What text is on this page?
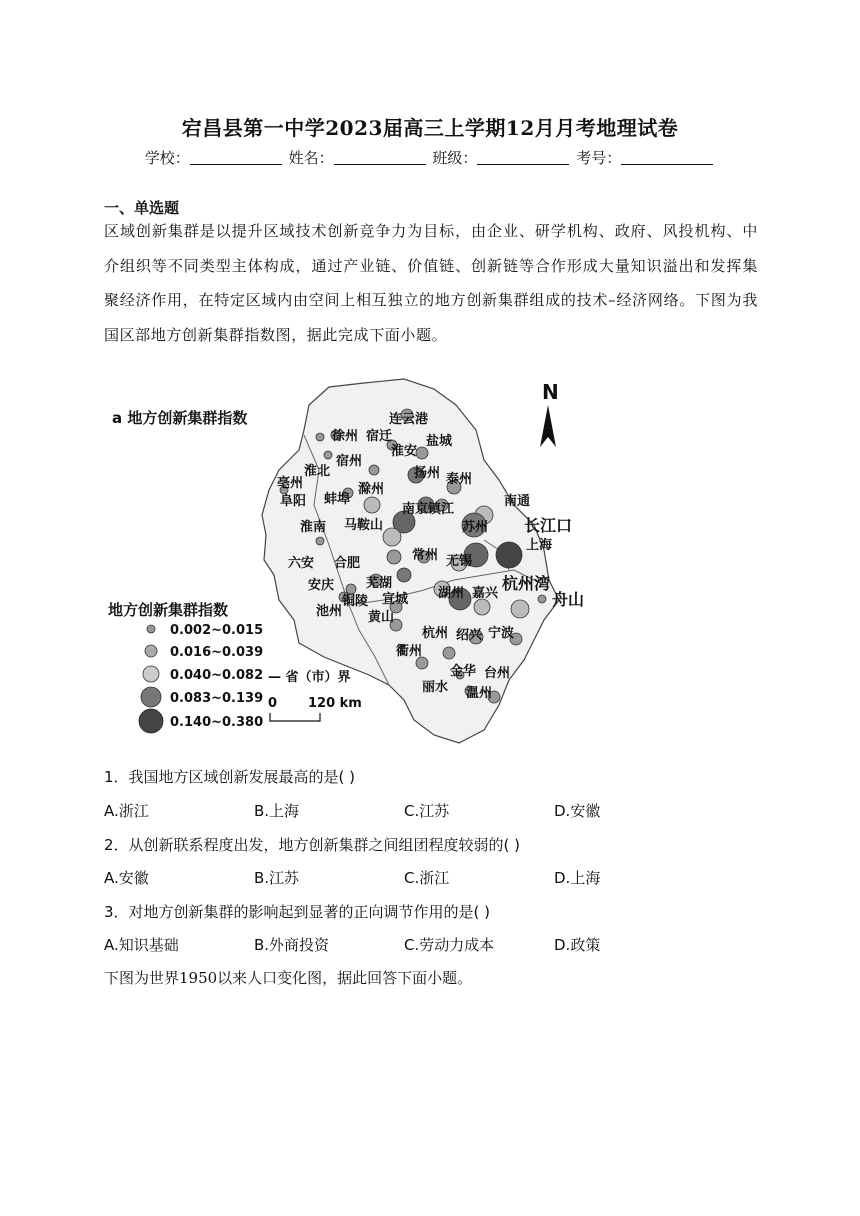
宕昌县第一中学2023届高三上学期12月月考地理试卷
学校：	姓名：	班级：	考号：
一、单选题
区域创新集群是以提升区域技术创新竞争力为目标，由企业、研学机构、政府、风投机构、中介组织等不同类型主体构成，通过产业链、价值链、创新链等合作形成大量知识溢出和发挥集聚经济作用，在特定区域内由空间上相互独立的地方创新集群组成的技术–经济网络。下图为我国区部地方创新集群指数图，据此完成下面小题。
N
a 地方创新集群指数	连云港
徐州 宿迁	盐城
淮安
宿州
淮北	扬州 泰州
亳州
阜阳 蚌埠
滁州
南通
南京 镇江
淮南 马鞍山	苏州 长江口
上海
六安 合肥
常州 无锡
杭州湾
安庆 芜湖
铜陵 宣城 湖州 嘉兴	舟山
池州 黄山
杭州 绍兴 宁波
衢州
金华 台州
丽水 温州
地方创新集群指数
0.002~0.015
0.016~0.039
0.040~0.082
0.083~0.139
0.140~0.380
— 省（市）界
0 120 km
1．我国地方区域创新发展最高的是( )
A.浙江	B.上海	C.江苏	D.安徽
2．从创新联系程度出发，地方创新集群之间组团程度较弱的( )
A.安徽	B.江苏	C.浙江	D.上海
3．对地方创新集群的影响起到显著的正向调节作用的是( )
A.知识基础	B.外商投资	C.劳动力成本	D.政策
下图为世界1950以来人口变化图，据此回答下面小题。
